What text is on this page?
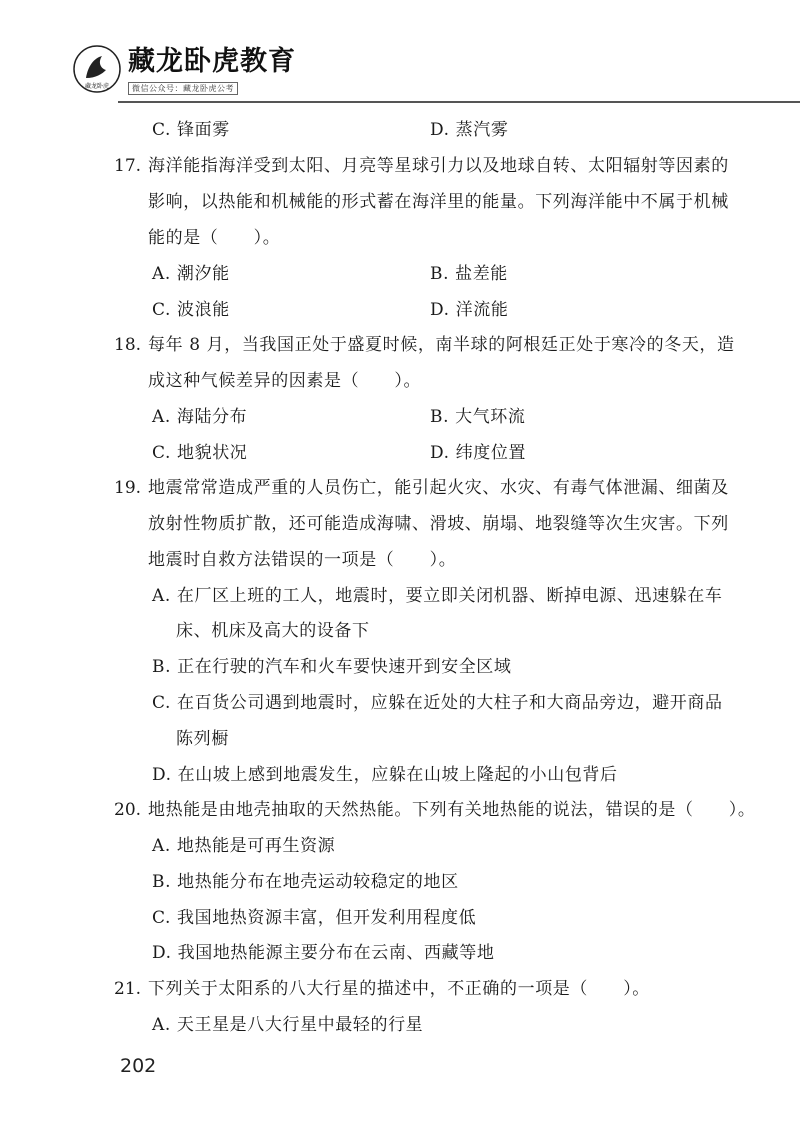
藏龙卧虎
藏龙卧虎教育
微信公众号：藏龙卧虎公考
C. 锋面雾	D. 蒸汽雾
17. 海洋能指海洋受到太阳、月亮等星球引力以及地球自转、太阳辐射等因素的
影响，以热能和机械能的形式蓄在海洋里的能量。下列海洋能中不属于机械
能的是（　　）。
A. 潮汐能	B. 盐差能
C. 波浪能	D. 洋流能
18. 每年 8 月，当我国正处于盛夏时候，南半球的阿根廷正处于寒冷的冬天，造
成这种气候差异的因素是（　　）。
A. 海陆分布	B. 大气环流
C. 地貌状况	D. 纬度位置
19. 地震常常造成严重的人员伤亡，能引起火灾、水灾、有毒气体泄漏、细菌及
放射性物质扩散，还可能造成海啸、滑坡、崩塌、地裂缝等次生灾害。下列
地震时自救方法错误的一项是（　　）。
A. 在厂区上班的工人，地震时，要立即关闭机器、断掉电源、迅速躲在车
床、机床及高大的设备下
B. 正在行驶的汽车和火车要快速开到安全区域
C. 在百货公司遇到地震时，应躲在近处的大柱子和大商品旁边，避开商品
陈列橱
D. 在山坡上感到地震发生，应躲在山坡上隆起的小山包背后
20. 地热能是由地壳抽取的天然热能。下列有关地热能的说法，错误的是（　　）。
A. 地热能是可再生资源
B. 地热能分布在地壳运动较稳定的地区
C. 我国地热资源丰富，但开发利用程度低
D. 我国地热能源主要分布在云南、西藏等地
21. 下列关于太阳系的八大行星的描述中，不正确的一项是（　　）。
A. 天王星是八大行星中最轻的行星
202
